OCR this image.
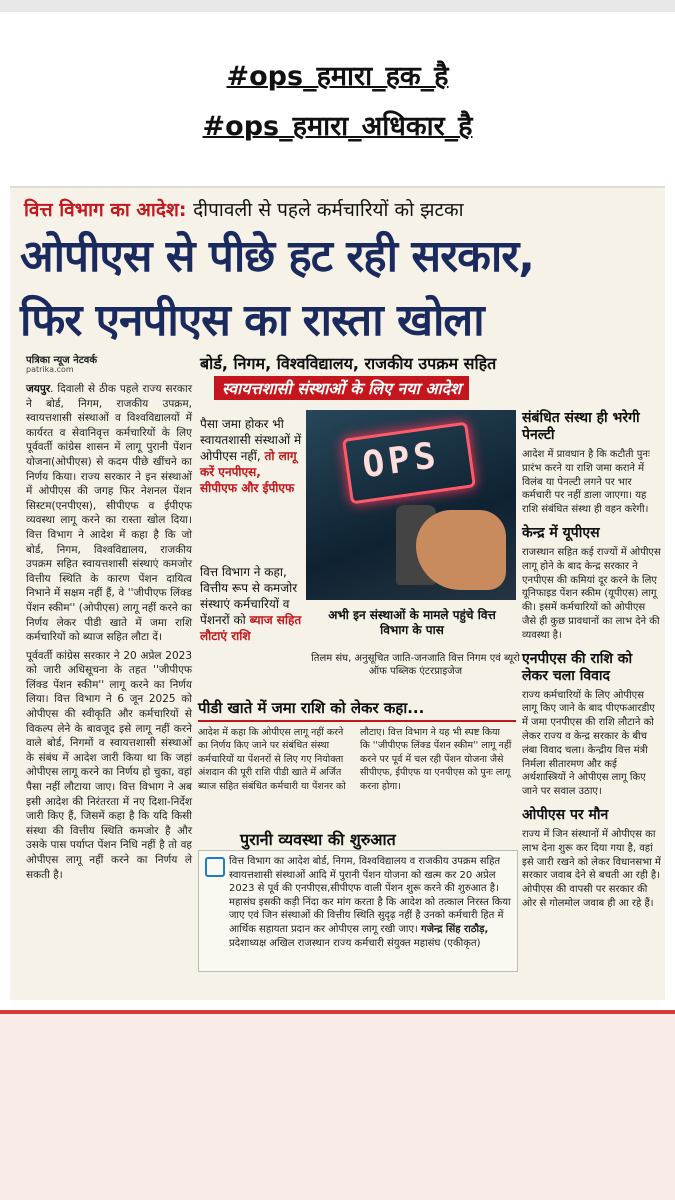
#ops_हमारा_हक_है
#ops_हमारा_अधिकार_है
वित्त विभाग का आदेश: दीपावली से पहले कर्मचारियों को झटका
ओपीएस से पीछे हट रही सरकार,
फिर एनपीएस का रास्ता खोला
पत्रिका न्यूज नेटवर्क
patrika.com	बोर्ड, निगम, विश्वविद्यालय, राजकीय उपक्रम सहित
स्वायत्तशासी संस्थाओं के लिए नया आदेश

जयपुर. दिवाली से ठीक पहले राज्य सरकार ने बोर्ड, निगम, राजकीय उपक्रम, स्वायत्तशासी संस्थाओं व विश्वविद्यालयों में कार्यरत व सेवानिवृत्त कर्मचारियों के लिए पूर्ववर्ती कांग्रेस शासन में लागू पुरानी पेंशन योजना(ओपीएस) से कदम पीछे खींचने का निर्णय किया। राज्य सरकार ने इन संस्थाओं में ओपीएस की जगह फिर नेशनल पेंशन सिस्टम(एनपीएस), सीपीएफ व ईपीएफ व्यवस्था लागू करने का रास्ता खोल दिया। वित्त विभाग ने आदेश में कहा है कि जो बोर्ड, निगम, विश्वविद्यालय, राजकीय उपक्रम सहित स्वायत्तशासी संस्थाएं कमजोर वित्तीय स्थिति के कारण पेंशन दायित्व निभाने में सक्षम नहीं हैं, वे ''जीपीएफ लिंक्ड पेंशन स्कीम'' (ओपीएस) लागू नहीं करने का निर्णय लेकर पीडी खाते में जमा राशि कर्मचारियों को ब्याज सहित लौटा दें।

पूर्ववर्ती कांग्रेस सरकार ने 20 अप्रेल 2023 को जारी अधिसूचना के तहत ''जीपीएफ लिंक्ड पेंशन स्कीम'' लागू करने का निर्णय लिया। वित्त विभाग ने 6 जून 2025 को ओपीएस की स्वीकृति और कर्मचारियों से विकल्प लेने के बावजूद इसे लागू नहीं करने वाले बोर्ड, निगमों व स्वायत्तशासी संस्थाओं के संबंध में आदेश जारी किया था कि जहां ओपीएस लागू करने का निर्णय हो चुका, वहां पैसा नहीं लौटाया जाए। वित्त विभाग ने अब इसी आदेश की निरंतरता में नए दिशा-निर्देश जारी किए हैं, जिसमें कहा है कि यदि किसी संस्था की वित्तीय स्थिति कमजोर है और उसके पास पर्याप्त पेंशन निधि नहीं है तो वह ओपीएस लागू नहीं करने का निर्णय ले सकती है।

पैसा जमा होकर भी स्वायतशासी संस्थाओं में ओपीएस नहीं, तो लागू करें एनपीएस, सीपीएफ और ईपीएफ
वित्त विभाग ने कहा, वित्तीय रूप से कमजोर संस्थाएं कर्मचारियों व पेंशनरों को ब्याज सहित लौटाएं राशि
OPS
अभी इन संस्थाओं के मामले पहुंचे वित्त विभाग के पास
तिलम संघ, अनुसूचित जाति-जनजाति वित्त निगम एवं ब्यूरो ऑफ पब्लिक एंटरप्राइजेज
संबंधित संस्था ही भरेगी पेनल्टी

आदेश में प्रावधान है कि कटौती पुनः प्रारंभ करने या राशि जमा कराने में विलंब या पेनल्टी लगने पर भार कर्मचारी पर नहीं डाला जाएगा। यह राशि संबंधित संस्था ही वहन करेगी।

केन्द्र में यूपीएस

राजस्थान सहित कई राज्यों में ओपीएस लागू होने के बाद केन्द्र सरकार ने एनपीएस की कमियां दूर करने के लिए यूनिफाइड पेंशन स्कीम (यूपीएस) लागू की। इसमें कर्मचारियों को ओपीएस जैसे ही कुछ प्रावधानों का लाभ देने की व्यवस्था है।

एनपीएस की राशि को लेकर चला विवाद

राज्य कर्मचारियों के लिए ओपीएस लागू किए जाने के बाद पीएफआरडीए में जमा एनपीएस की राशि लौटाने को लेकर राज्य व केन्द्र सरकार के बीच लंबा विवाद चला। केन्द्रीय वित्त मंत्री निर्मला सीतारमण और कई अर्थशास्त्रियों ने ओपीएस लागू किए जाने पर सवाल उठाए।

ओपीएस पर मौन

राज्य में जिन संस्थानों में ओपीएस का लाभ देना शुरू कर दिया गया है, वहां इसे जारी रखने को लेकर विधानसभा में सरकार जवाब देने से बचती आ रही है। ओपीएस की वापसी पर सरकार की ओर से गोलमोल जवाब ही आ रहे हैं।

पीडी खाते में जमा राशि को लेकर कहा...
आदेश में कहा कि ओपीएस लागू नहीं करने का निर्णय किए जाने पर संबंधित संस्था कर्मचारियों या पेंशनरों से लिए गए नियोक्ता अंशदान की पूरी राशि पीडी खाते में अर्जित ब्याज सहित संबंधित कर्मचारी या पेंशनर को
लौटाए। वित्त विभाग ने यह भी स्पष्ट किया कि ''जीपीएफ लिंक्ड पेंशन स्कीम'' लागू नहीं करने पर पूर्व में चल रही पेंशन योजना जैसे सीपीएफ, ईपीएफ या एनपीएस को पुनः लागू करना होगा।
पुरानी व्यवस्था की शुरुआत
वित्त विभाग का आदेश बोर्ड, निगम, विश्वविद्यालय व राजकीय उपक्रम सहित स्वायत्तशासी संस्थाओं आदि में पुरानी पेंशन योजना को खत्म कर 20 अप्रेल 2023 से पूर्व की एनपीएस,सीपीएफ वाली पेंशन शुरू करने की शुरुआत है। महासंघ इसकी कड़ी निंदा कर मांग करता है कि आदेश को तत्काल निरस्त किया जाए एवं जिन संस्थाओं की वित्तीय स्थिति सुदृढ़ नहीं है उनको कर्मचारी हित में आर्थिक सहायता प्रदान कर ओपीएस लागू रखी जाए। गजेन्द्र सिंह राठौड़, प्रदेशाध्यक्ष अखिल राजस्थान राज्य कर्मचारी संयुक्त महासंघ (एकीकृत)
